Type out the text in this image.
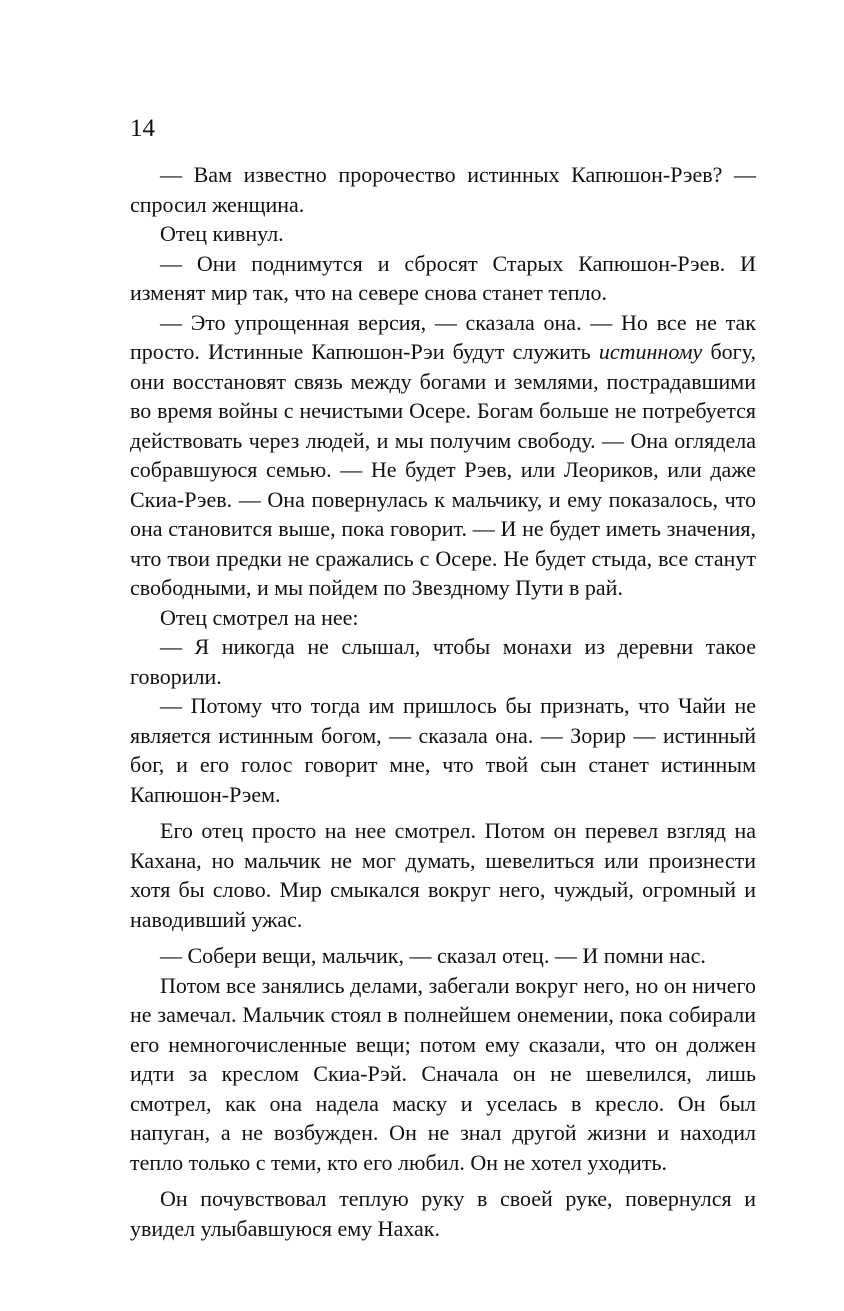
14

— Вам известно пророчество истинных Капюшон-Рэев? — спросил женщина.

Отец кивнул.

— Они поднимутся и сбросят Старых Капюшон-Рэев. И изменят мир так, что на севере снова станет тепло.

— Это упрощенная версия, — сказала она. — Но все не так просто. Истинные Капюшон-Рэи будут служить истинному богу, они восстановят связь между богами и землями, пострадавшими во время войны с нечистыми Осере. Богам больше не потребуется действовать через людей, и мы получим свободу. — Она оглядела собравшуюся семью. — Не будет Рэев, или Леориков, или даже Скиа-Рэев. — Она повернулась к мальчику, и ему показалось, что она становится выше, пока говорит. — И не будет иметь значения, что твои предки не сражались с Осере. Не будет стыда, все станут свободными, и мы пойдем по Звездному Пути в рай.

Отец смотрел на нее:

— Я никогда не слышал, чтобы монахи из деревни такое говорили.

— Потому что тогда им пришлось бы признать, что Чайи не является истинным богом, — сказала она. — Зорир — истинный бог, и его голос говорит мне, что твой сын станет истинным Капюшон-Рэем.

Его отец просто на нее смотрел. Потом он перевел взгляд на Кахана, но мальчик не мог думать, шевелиться или произнести хотя бы слово. Мир смыкался вокруг него, чуждый, огромный и наводивший ужас.

— Собери вещи, мальчик, — сказал отец. — И помни нас.

Потом все занялись делами, забегали вокруг него, но он ничего не замечал. Мальчик стоял в полнейшем онемении, пока собирали его немногочисленные вещи; потом ему сказали, что он должен идти за креслом Скиа-Рэй. Сначала он не шевелился, лишь смотрел, как она надела маску и уселась в кресло. Он был напуган, а не возбужден. Он не знал другой жизни и находил тепло только с теми, кто его любил. Он не хотел уходить.

Он почувствовал теплую руку в своей руке, повернулся и увидел улыбавшуюся ему Нахак.
